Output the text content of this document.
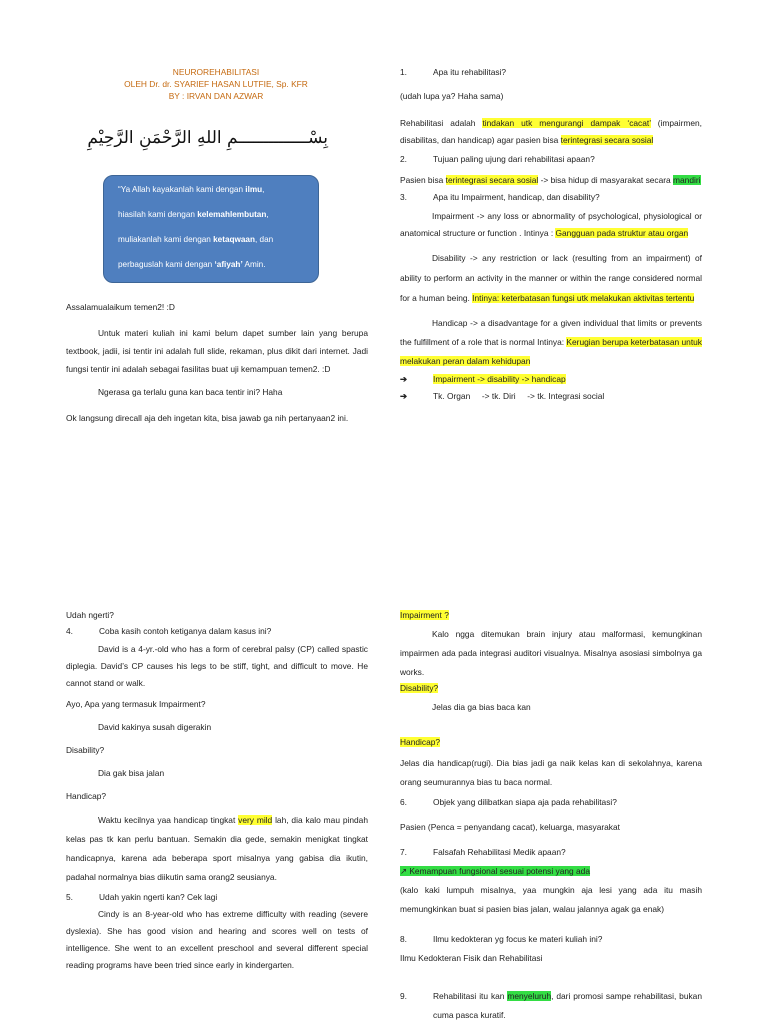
NEUROREHABILITASI
OLEH Dr. dr. SYARIEF HASAN LUTFIE, Sp. KFR
BY : IRVAN DAN AZWAR
بِسْــــــــــــــمِ اللهِ الرَّحْمَنِ الرَّحِيْمِ
“Ya Allah kayakanlah kami dengan ilmu,
hiasilah kami dengan kelemahlembutan,
muliakanlah kami dengan ketaqwaan, dan
perbaguslah kami dengan ‘afiyah’ Amin.

Assalamualaikum temen2! :D

Untuk materi kuliah ini kami belum dapet sumber lain yang berupa textbook, jadii, isi tentir ini adalah full slide, rekaman, plus dikit dari internet. Jadi fungsi tentir ini adalah sebagai fasilitas buat uji kemampuan temen2. :D

Ngerasa ga terlalu guna kan baca tentir ini? Haha

Ok langsung direcall aja deh ingetan kita, bisa jawab ga nih pertanyaan2 ini.

1.	Apa itu rehabilitasi?

(udah lupa ya? Haha sama)

Rehabilitasi adalah tindakan utk mengurangi dampak ‘cacat’ (impairmen, disabilitas, dan handicap) agar pasien bisa terintegrasi secara sosial

2.	Tujuan paling ujung dari rehabilitasi apaan?

Pasien bisa terintegrasi secara sosial -> bisa hidup di masyarakat secara mandiri

3.	Apa itu Impairment, handicap, dan disability?

Impairment -> any loss or abnormality of psychological, physiological or anatomical structure or function . Intinya : Gangguan pada struktur atau organ

Disability -> any restriction or lack (resulting from an impairment) of ability to perform an activity in the manner or within the range considered normal for a human being. Intinya: keterbatasan fungsi utk melakukan aktivitas tertentu

Handicap -> a disadvantage for a given individual that limits or prevents the fulfillment of a role that is normal Intinya: Kerugian berupa keterbatasan untuk melakukan peran dalam kehidupan

➔	Impairment -> disability -> handicap
➔	Tk. Organ     -> tk. Diri     -> tk. Integrasi social

Udah ngerti?

4.	Coba kasih contoh ketiganya dalam kasus ini?

David is a 4-yr.-old who has a form of cerebral palsy (CP) called spastic diplegia. David’s CP causes his legs to be stiff, tight, and difficult to move. He cannot stand or walk.

Ayo, Apa yang termasuk Impairment?

David kakinya susah digerakin

Disability?

Dia gak bisa jalan

Handicap?

Waktu kecilnya yaa handicap tingkat very mild lah, dia kalo mau pindah kelas pas tk kan perlu bantuan. Semakin dia gede, semakin menigkat tingkat handicapnya, karena ada beberapa sport misalnya yang gabisa dia ikutin, padahal normalnya bias diikutin sama orang2 seusianya.

5.	Udah yakin ngerti kan? Cek lagi

Cindy is an 8-year-old who has extreme difficulty with reading (severe dyslexia). She has good vision and hearing and scores well on tests of intelligence. She went to an excellent preschool and several different special reading programs have been tried since early in kindergarten.

Impairment ?

Kalo ngga ditemukan brain injury atau malformasi, kemungkinan impairmen ada pada integrasi auditori visualnya. Misalnya asosiasi simbolnya ga works.

Disability?

Jelas dia ga bias baca kan

Handicap?

Jelas dia handicap(rugi). Dia bias jadi ga naik kelas kan di sekolahnya, karena orang seumurannya bias tu baca normal.

6.	Objek yang dilibatkan siapa aja pada rehabilitasi?

Pasien (Penca = penyandang cacat), keluarga, masyarakat

7.	Falsafah Rehabilitasi Medik apaan?

↗ Kemampuan fungsional sesuai potensi yang ada

(kalo kaki lumpuh misalnya, yaa mungkin aja lesi yang ada itu masih memungkinkan buat si pasien bias jalan, walau jalannya agak ga enak)

8.	Ilmu kedokteran yg focus ke materi kuliah ini?

Ilmu Kedokteran Fisik dan Rehabilitasi

9.	Rehabilitasi itu kan menyeluruh, dari promosi sampe rehabilitasi, bukan cuma pasca kuratif.
